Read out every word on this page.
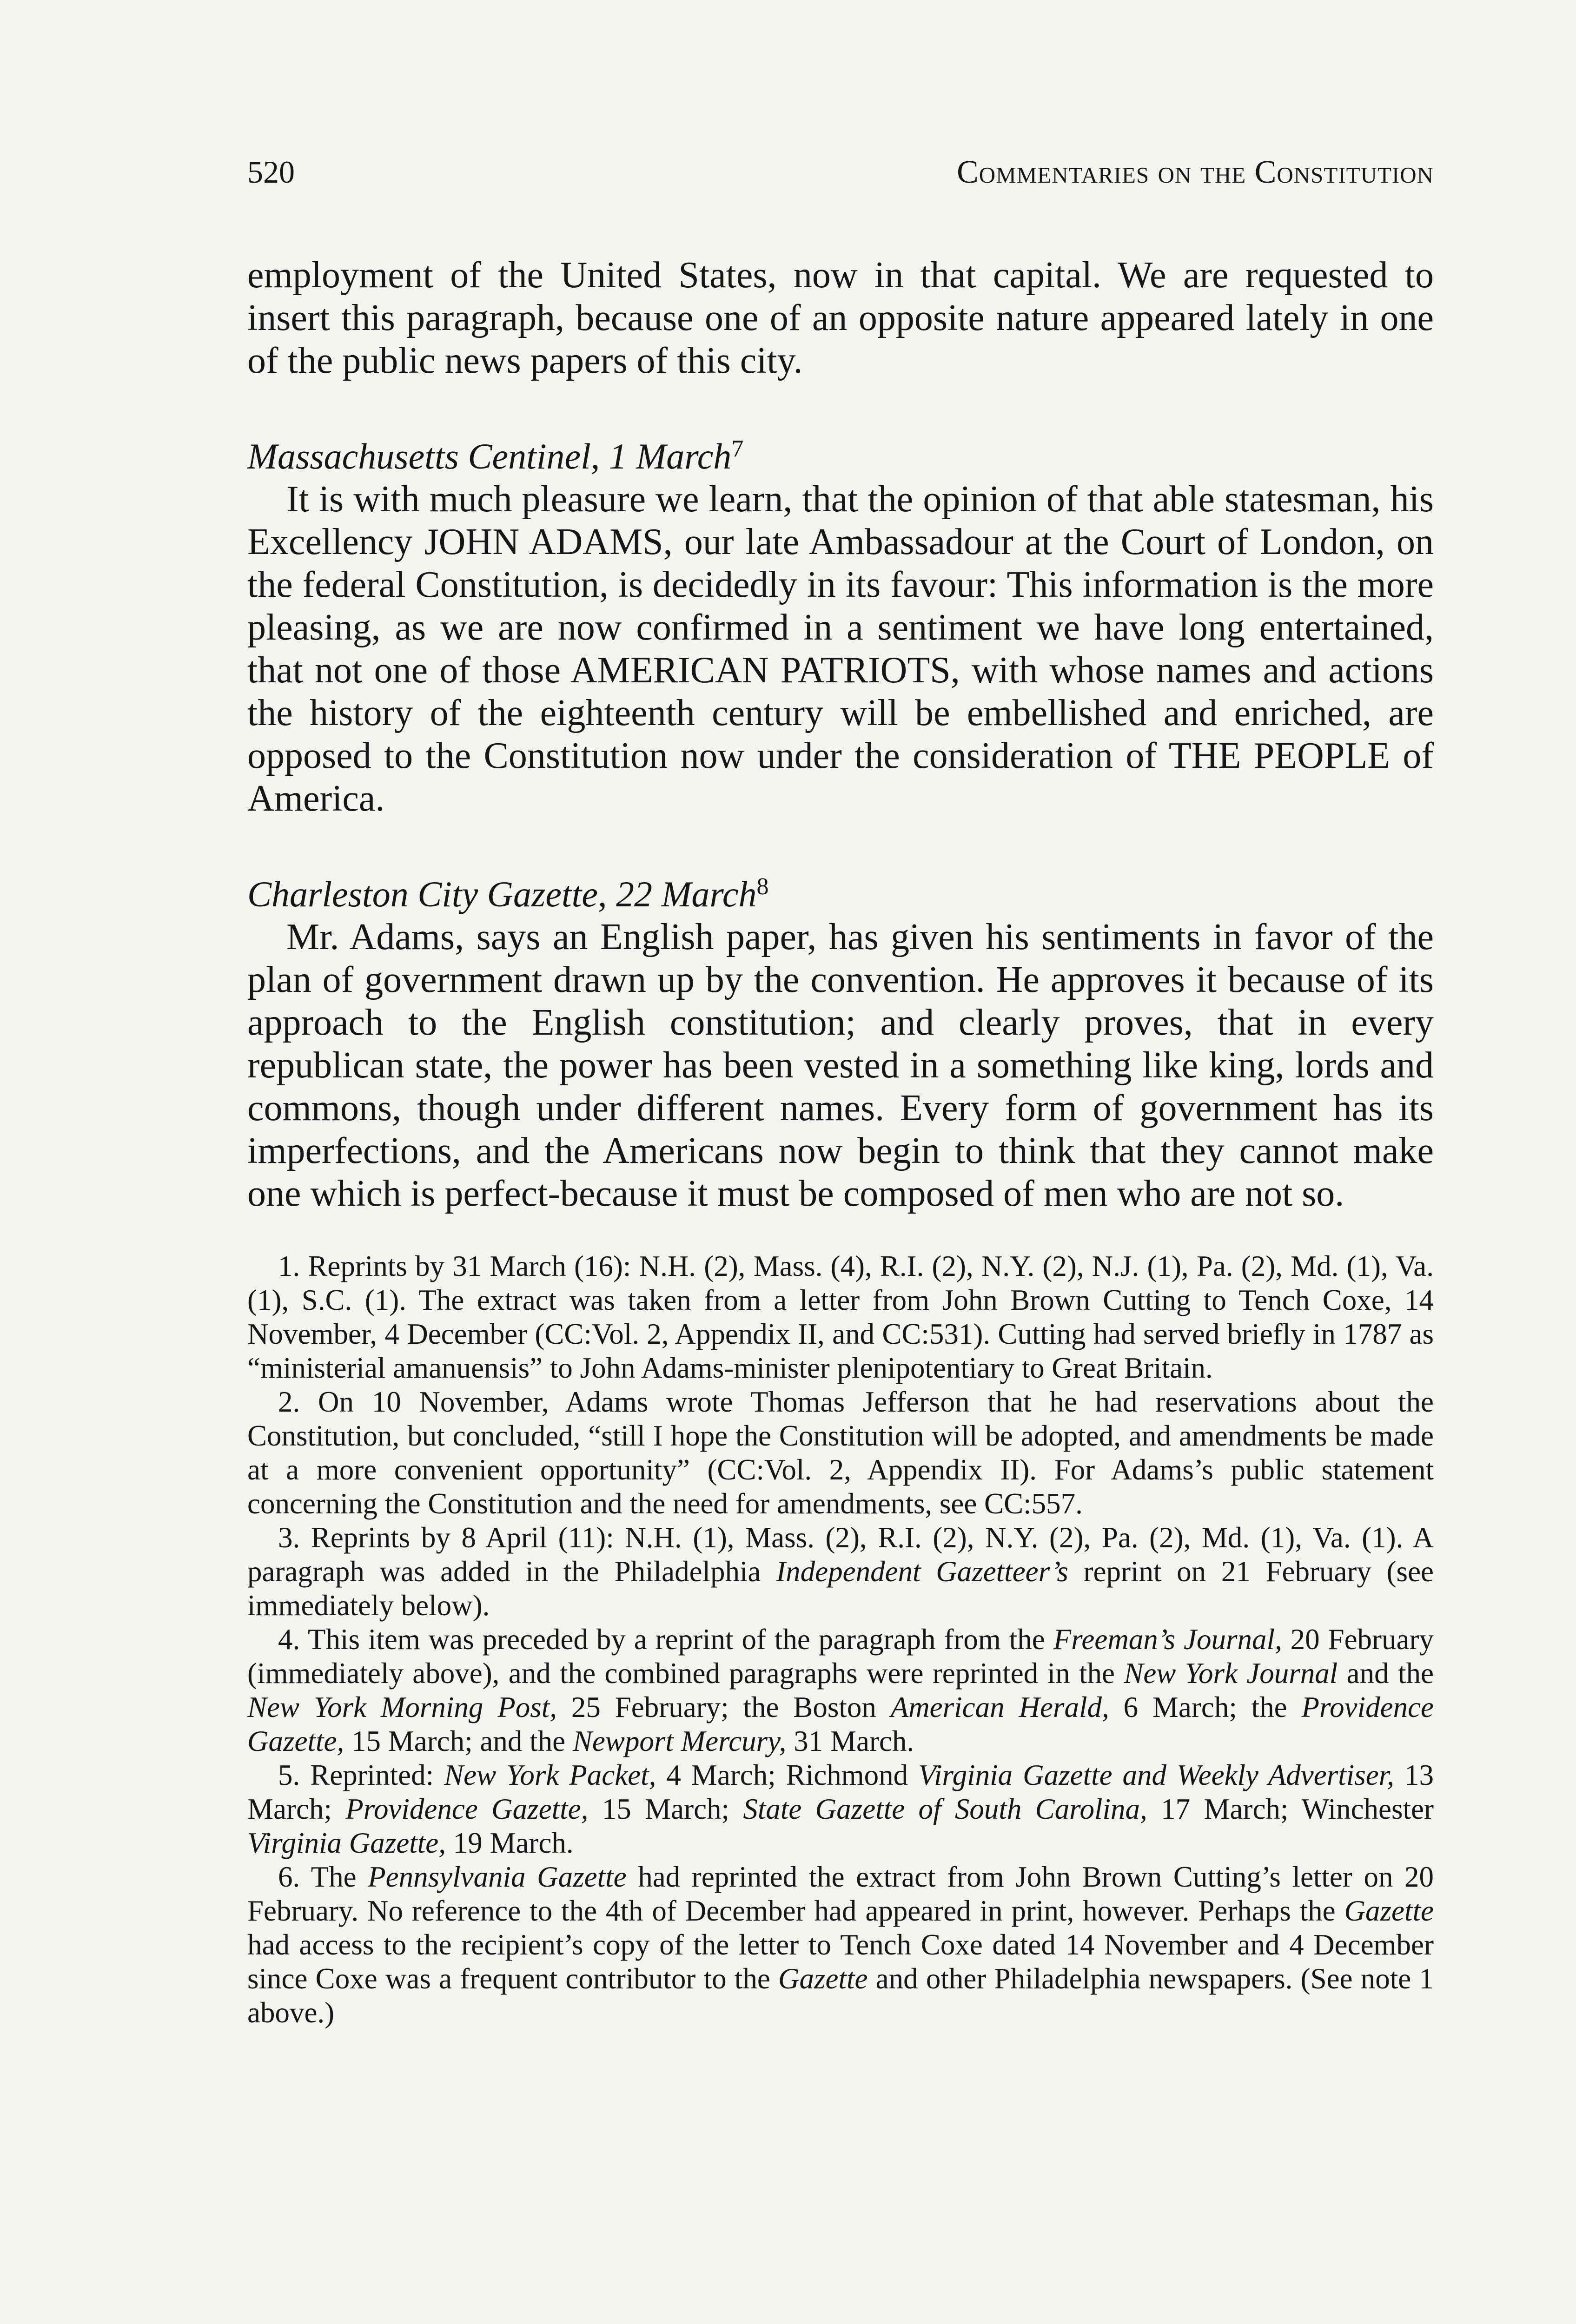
520	Commentaries on the Constitution

employment of the United States, now in that capital. We are requested to insert this paragraph, because one of an opposite nature appeared lately in one of the public news papers of this city.

Massachusetts Centinel, 1 March$^7$

It is with much pleasure we learn, that the opinion of that able statesman, his Excellency JOHN ADAMS, our late Ambassadour at the Court of London, on the federal Constitution, is decidedly in its favour: This information is the more pleasing, as we are now confirmed in a sentiment we have long entertained, that not one of those AMERICAN PATRIOTS, with whose names and actions the history of the eighteenth century will be embellished and enriched, are opposed to the Constitution now under the consideration of THE PEOPLE of America.

Charleston City Gazette, 22 March$^8$

Mr. Adams, says an English paper, has given his sentiments in favor of the plan of government drawn up by the convention. He approves it because of its approach to the English constitution; and clearly proves, that in every republican state, the power has been vested in a something like king, lords and commons, though under different names. Every form of government has its imperfections, and the Americans now begin to think that they cannot make one which is perfect-because it must be composed of men who are not so.

1. Reprints by 31 March (16): N.H. (2), Mass. (4), R.I. (2), N.Y. (2), N.J. (1), Pa. (2), Md. (1), Va. (1), S.C. (1). The extract was taken from a letter from John Brown Cutting to Tench Coxe, 14 November, 4 December (CC:Vol. 2, Appendix II, and CC:531). Cutting had served briefly in 1787 as “ministerial amanuensis” to John Adams-minister plenipotentiary to Great Britain.

2. On 10 November, Adams wrote Thomas Jefferson that he had reservations about the Constitution, but concluded, “still I hope the Constitution will be adopted, and amendments be made at a more convenient opportunity” (CC:Vol. 2, Appendix II). For Adams’s public statement concerning the Constitution and the need for amendments, see CC:557.

3. Reprints by 8 April (11): N.H. (1), Mass. (2), R.I. (2), N.Y. (2), Pa. (2), Md. (1), Va. (1). A paragraph was added in the Philadelphia Independent Gazetteer’s reprint on 21 February (see immediately below).

4. This item was preceded by a reprint of the paragraph from the Freeman’s Journal, 20 February (immediately above), and the combined paragraphs were reprinted in the New York Journal and the New York Morning Post, 25 February; the Boston American Herald, 6 March; the Providence Gazette, 15 March; and the Newport Mercury, 31 March.

5. Reprinted: New York Packet, 4 March; Richmond Virginia Gazette and Weekly Advertiser, 13 March; Providence Gazette, 15 March; State Gazette of South Carolina, 17 March; Winchester Virginia Gazette, 19 March.

6. The Pennsylvania Gazette had reprinted the extract from John Brown Cutting’s letter on 20 February. No reference to the 4th of December had appeared in print, however. Perhaps the Gazette had access to the recipient’s copy of the letter to Tench Coxe dated 14 November and 4 December since Coxe was a frequent contributor to the Gazette and other Philadelphia newspapers. (See note 1 above.)
